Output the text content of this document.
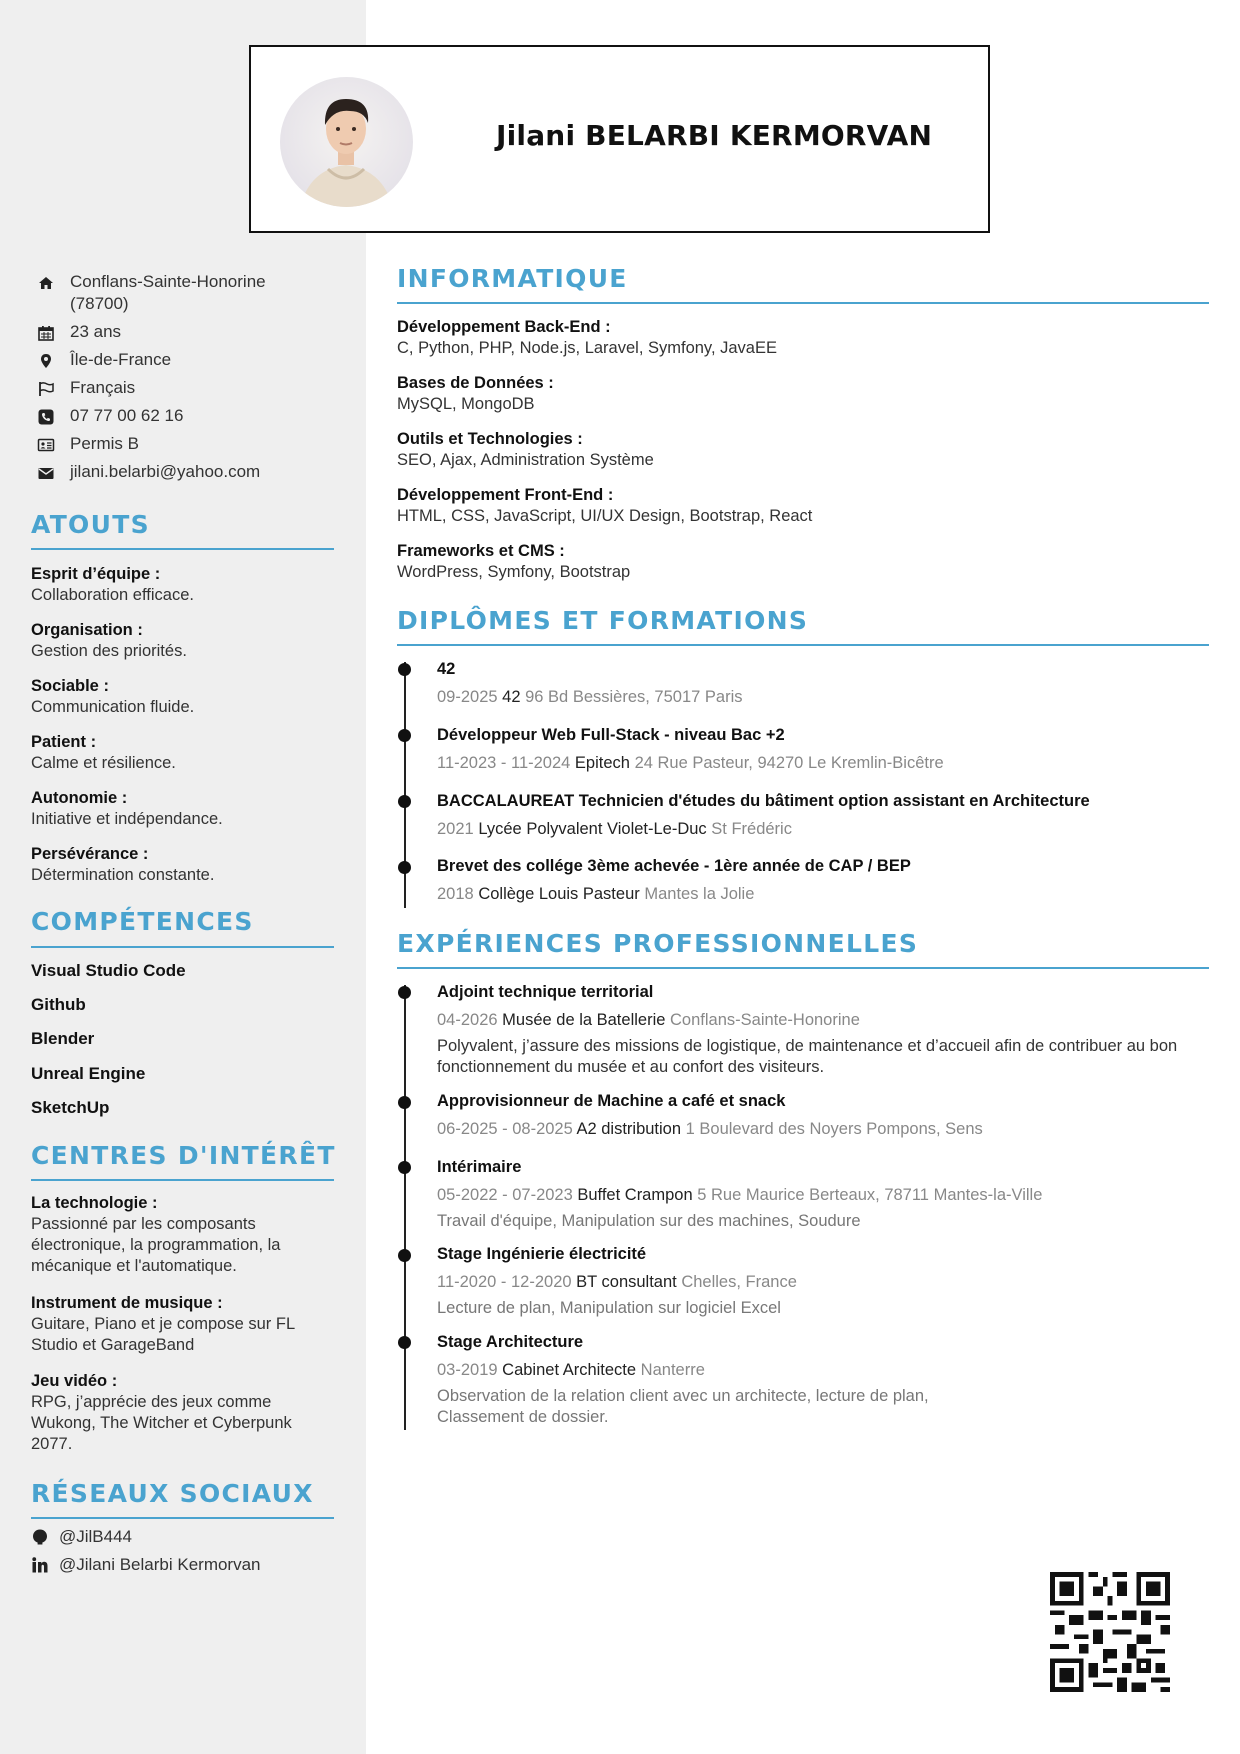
Jilani BELARBI KERMORVAN
Conflans-Sainte-Honorine (78700)
23 ans
Île-de-France
Français
07 77 00 62 16
Permis B
jilani.belarbi@yahoo.com
ATOUTS
Esprit d’équipe :
Collaboration efficace.
Organisation :
Gestion des priorités.
Sociable :
Communication fluide.
Patient :
Calme et résilience.
Autonomie :
Initiative et indépendance.
Persévérance :
Détermination constante.
COMPÉTENCES
Visual Studio Code
Github
Blender
Unreal Engine
SketchUp
CENTRES D'INTÉRÊT
La technologie :
Passionné par les composants électronique, la programmation, la mécanique et l'automatique.
Instrument de musique :
Guitare, Piano et je compose sur FL Studio et GarageBand
Jeu vidéo :
RPG, j’apprécie des jeux comme Wukong, The Witcher et Cyberpunk 2077.
RÉSEAUX SOCIAUX
@JilB444
@Jilani Belarbi Kermorvan
INFORMATIQUE
Développement Back-End :
C, Python, PHP, Node.js, Laravel, Symfony, JavaEE
Bases de Données :
MySQL, MongoDB
Outils et Technologies :
SEO, Ajax, Administration Système
Développement Front-End :
HTML, CSS, JavaScript, UI/UX Design, Bootstrap, React
Frameworks et CMS :
WordPress, Symfony, Bootstrap
DIPLÔMES ET FORMATIONS
42
09-2025 42 96 Bd Bessières, 75017 Paris
Développeur Web Full-Stack - niveau Bac +2
11-2023 - 11-2024 Epitech 24 Rue Pasteur, 94270 Le Kremlin-Bicêtre
BACCALAUREAT Technicien d'études du bâtiment option assistant en Architecture
2021 Lycée Polyvalent Violet-Le-Duc St Frédéric
Brevet des collége 3ème achevée - 1ère année de CAP / BEP
2018 Collège Louis Pasteur Mantes la Jolie
EXPÉRIENCES PROFESSIONNELLES
Adjoint technique territorial
04-2026 Musée de la Batellerie Conflans-Sainte-Honorine
Polyvalent, j’assure des missions de logistique, de maintenance et d’accueil afin de contribuer au bon fonctionnement du musée et au confort des visiteurs.
Approvisionneur de Machine a café et snack
06-2025 - 08-2025 A2 distribution 1 Boulevard des Noyers Pompons, Sens
Intérimaire
05-2022 - 07-2023 Buffet Crampon 5 Rue Maurice Berteaux, 78711 Mantes-la-Ville
Travail d'équipe, Manipulation sur des machines, Soudure
Stage Ingénierie électricité
11-2020 - 12-2020 BT consultant Chelles, France
Lecture de plan, Manipulation sur logiciel Excel
Stage Architecture
03-2019 Cabinet Architecte Nanterre
Observation de la relation client avec un architecte, lecture de plan, Classement de dossier.
